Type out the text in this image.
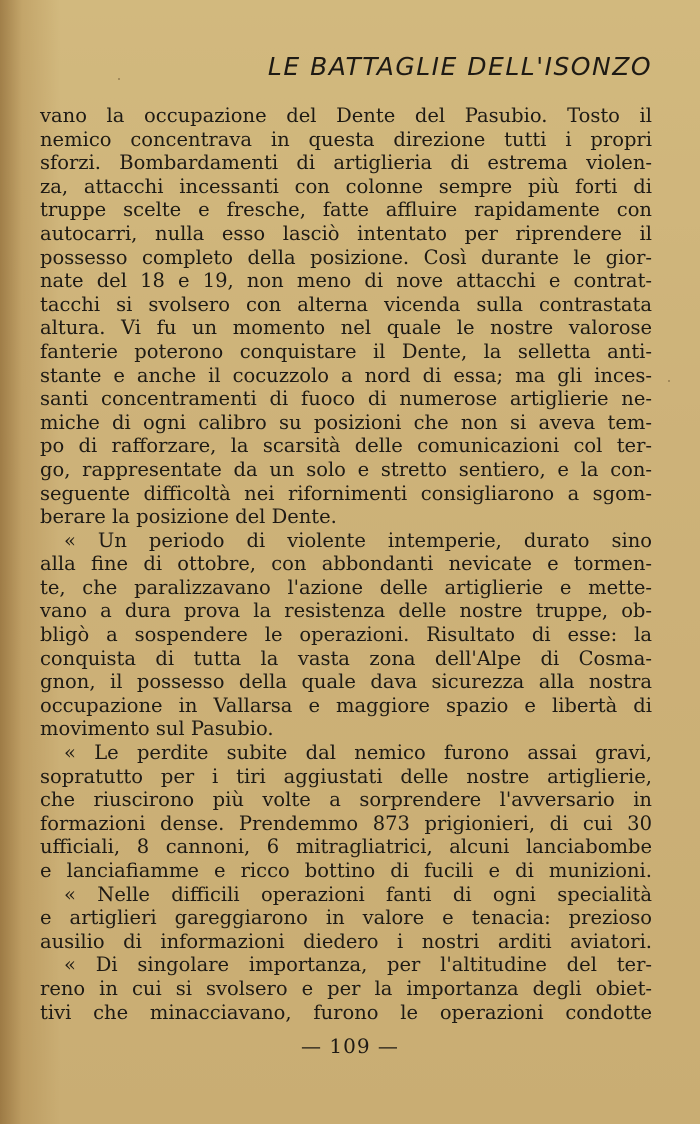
LE BATTAGLIE DELL'ISONZO
vano la occupazione del Dente del Pasubio. Tosto il
nemico concentrava in questa direzione tutti i propri
sforzi. Bombardamenti di artiglieria di estrema violen-
za, attacchi incessanti con colonne sempre più forti di
truppe scelte e fresche, fatte affluire rapidamente con
autocarri, nulla esso lasciò intentato per riprendere il
possesso completo della posizione. Così durante le gior-
nate del 18 e 19, non meno di nove attacchi e contrat-
tacchi si svolsero con alterna vicenda sulla contrastata
altura. Vi fu un momento nel quale le nostre valorose
fanterie poterono conquistare il Dente, la selletta anti-
stante e anche il cocuzzolo a nord di essa; ma gli inces-
santi concentramenti di fuoco di numerose artiglierie ne-
miche di ogni calibro su posizioni che non si aveva tem-
po di rafforzare, la scarsità delle comunicazioni col ter-
go, rappresentate da un solo e stretto sentiero, e la con-
seguente difficoltà nei rifornimenti consigliarono a sgom-
berare la posizione del Dente.
« Un periodo di violente intemperie, durato sino
alla fine di ottobre, con abbondanti nevicate e tormen-
te, che paralizzavano l'azione delle artiglierie e mette-
vano a dura prova la resistenza delle nostre truppe, ob-
bligò a sospendere le operazioni. Risultato di esse: la
conquista di tutta la vasta zona dell'Alpe di Cosma-
gnon, il possesso della quale dava sicurezza alla nostra
occupazione in Vallarsa e maggiore spazio e libertà di
movimento sul Pasubio.
« Le perdite subite dal nemico furono assai gravi,
sopratutto per i tiri aggiustati delle nostre artiglierie,
che riuscirono più volte a sorprendere l'avversario in
formazioni dense. Prendemmo 873 prigionieri, di cui 30
ufficiali, 8 cannoni, 6 mitragliatrici, alcuni lanciabombe
e lanciafiamme e ricco bottino di fucili e di munizioni.
« Nelle difficili operazioni fanti di ogni specialità
e artiglieri gareggiarono in valore e tenacia: prezioso
ausilio di informazioni diedero i nostri arditi aviatori.
« Di singolare importanza, per l'altitudine del ter-
reno in cui si svolsero e per la importanza degli obiet-
tivi che minacciavano, furono le operazioni condotte
— 109 —
